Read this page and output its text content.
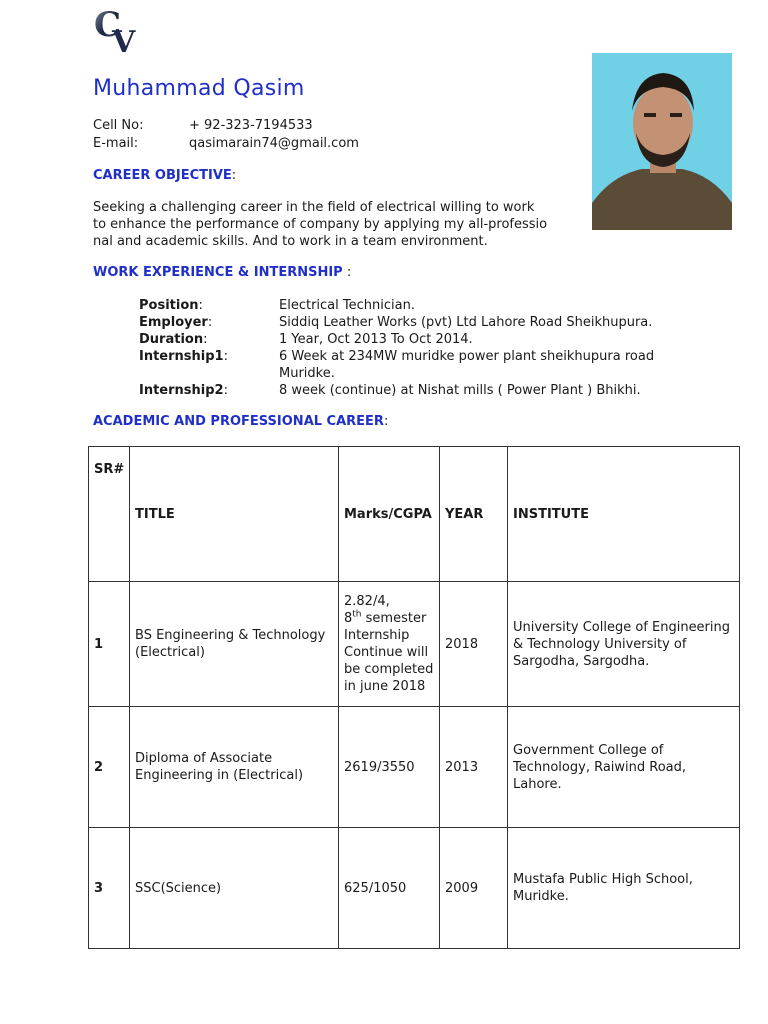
C
V
Muhammad Qasim
Cell No:	+ 92-323-7194533
E-mail:	qasimarain74@gmail.com
CAREER OBJECTIVE:
Seeking a challenging career in the field of electrical willing to work
to enhance the performance of company by applying my all-professio
nal and academic skills. And to work in a team environment.
WORK EXPERIENCE & INTERNSHIP :
Position:	Electrical Technician.
Employer:	Siddiq Leather Works (pvt) Ltd Lahore Road Sheikhupura.
Duration:	1 Year, Oct 2013 To Oct 2014.
Internship1:	6 Week at 234MW muridke power plant sheikhupura road Muridke.
Internship2:	8 week (continue) at Nishat mills ( Power Plant ) Bhikhi.
ACADEMIC AND PROFESSIONAL CAREER:
SR#	TITLE	Marks/CGPA	YEAR	INSTITUTE
1	BS Engineering & Technology (Electrical)	2.82/4,
8th semester Internship Continue will be completed in june 2018	2018	University College of Engineering & Technology University of Sargodha, Sargodha.
2	Diploma of Associate Engineering in (Electrical)	2619/3550	2013	Government College of Technology, Raiwind Road, Lahore.
3	SSC(Science)	625/1050	2009	Mustafa Public High School, Muridke.
